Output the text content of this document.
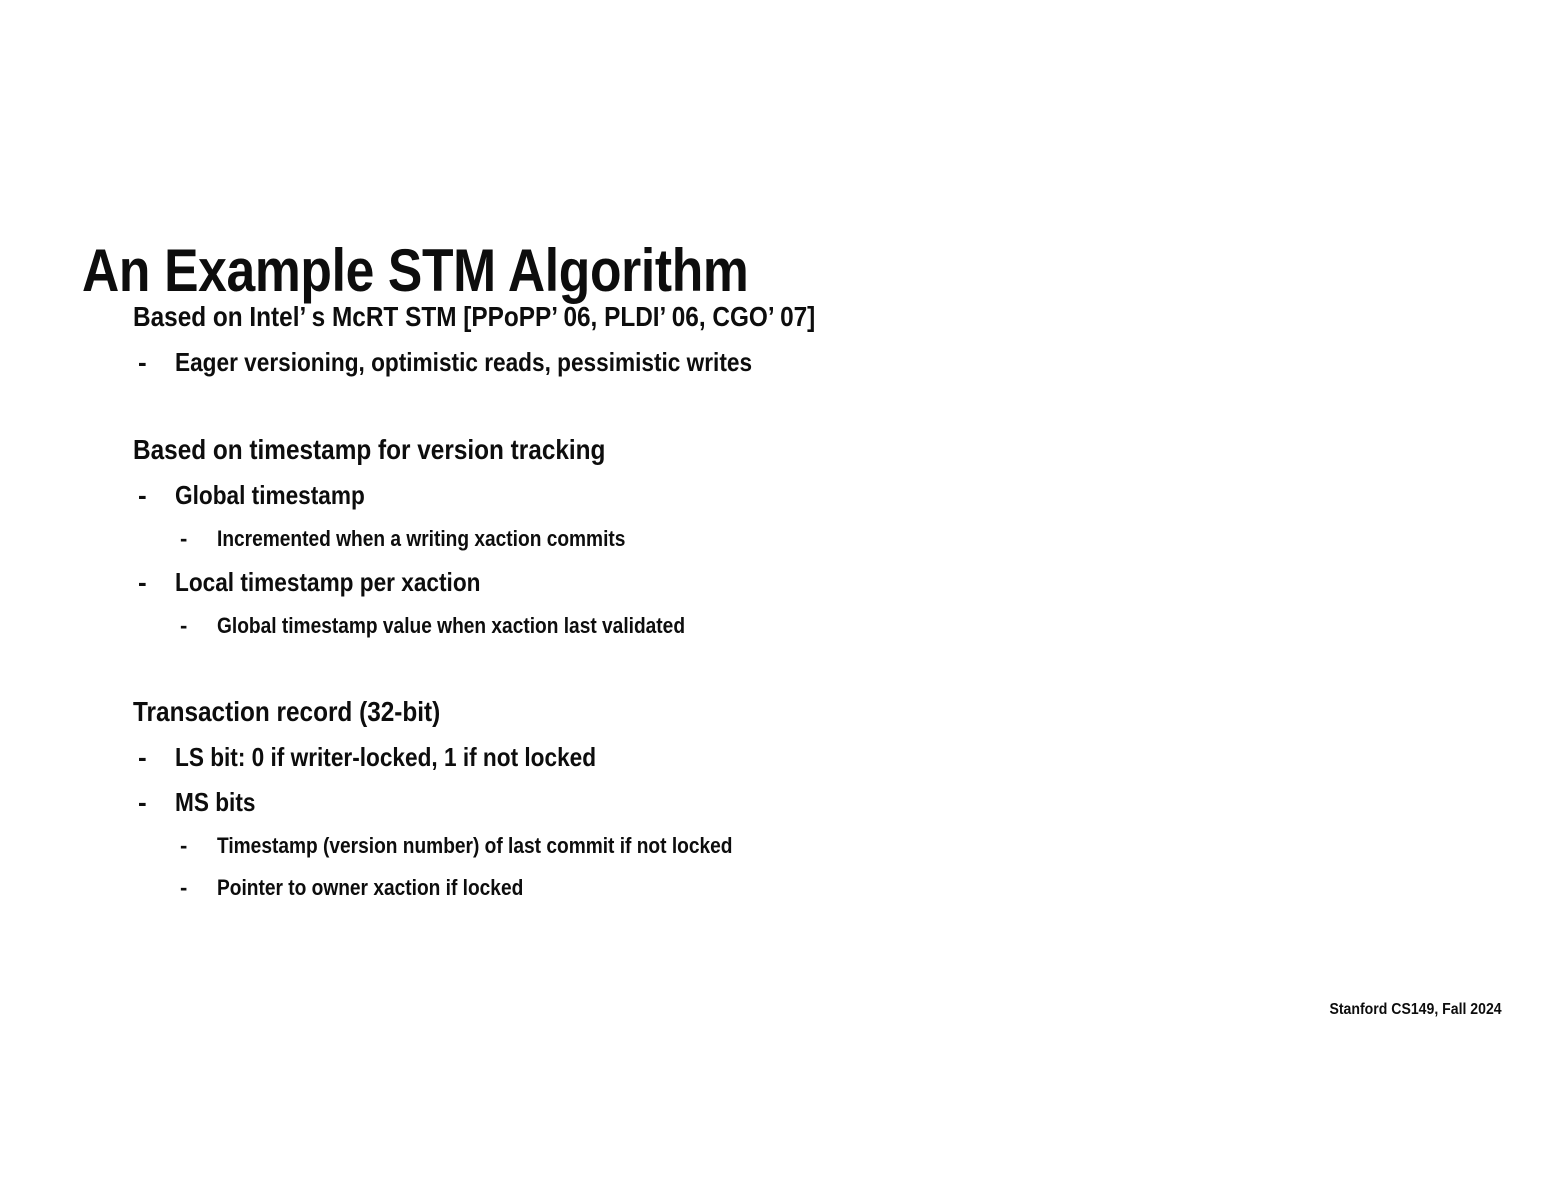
An Example STM Algorithm
Based on Intel’ s McRT STM [PPoPP’ 06, PLDI’ 06, CGO’ 07]
-	Eager versioning, optimistic reads, pessimistic writes
Based on timestamp for version tracking
-	Global timestamp
-	Incremented when a writing xaction commits
-	Local timestamp per xaction
-	Global timestamp value when xaction last validated
Transaction record (32-bit)
-	LS bit: 0 if writer-locked, 1 if not locked
-	MS bits
-	Timestamp (version number) of last commit if not locked
-	Pointer to owner xaction if locked
Stanford CS149, Fall 2024
